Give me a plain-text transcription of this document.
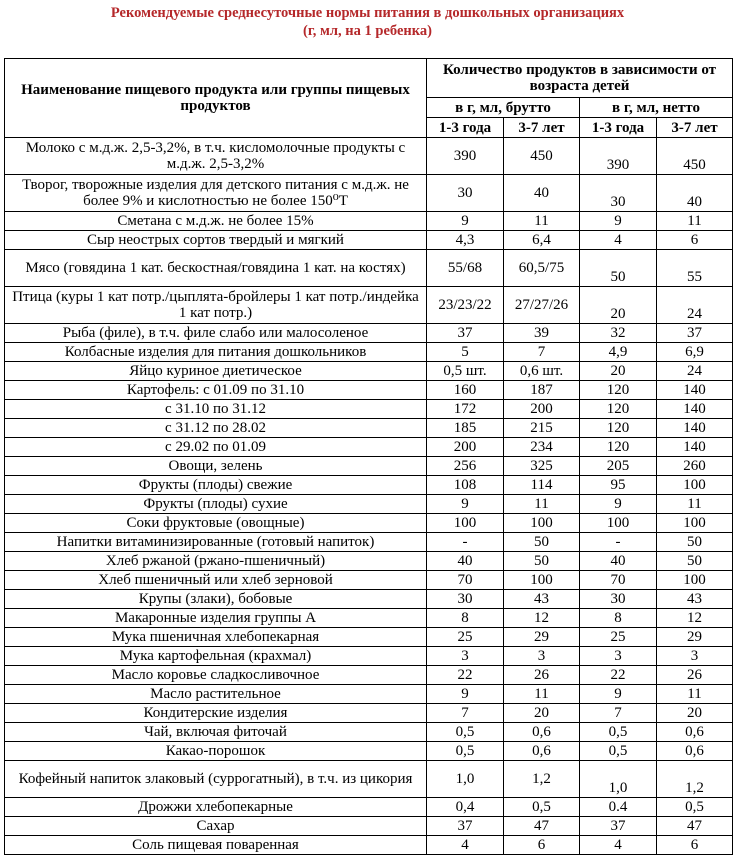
Рекомендуемые среднесуточные нормы питания в дошкольных организациях
(г, мл, на 1 ребенка)
Наименование пищевого продукта или группы пищевых продуктов	Количество продуктов в зависимости от возраста детей			
	в г, мл, брутто		в г, мл, нетто	
	1-3 года	3-7 лет	1-3 года	3-7 лет
Молоко с м.д.ж. 2,5-3,2%, в т.ч. кисломолочные продукты с м.д.ж. 2,5-3,2%	390	450	390	450
Творог, творожные изделия для детского питания с м.д.ж. не более 9% и кислотностью не более 150⁰Т	30	40	30	40
Сметана с м.д.ж. не более 15%	9	11	9	11
Сыр неострых сортов твердый и мягкий	4,3	6,4	4	6
Мясо (говядина 1 кат. бескостная/говядина 1 кат. на костях)	55/68	60,5/75	50	55
Птица (куры 1 кат потр./цыплята-бройлеры 1 кат потр./индейка 1 кат потр.)	23/23/22	27/27/26	20	24
Рыба (филе), в т.ч. филе слабо или малосоленое	37	39	32	37
Колбасные изделия для питания дошкольников	5	7	4,9	6,9
Яйцо куриное диетическое	0,5 шт.	0,6 шт.	20	24
Картофель: с 01.09 по 31.10	160	187	120	140
с 31.10 по 31.12	172	200	120	140
с 31.12 по 28.02	185	215	120	140
с 29.02 по 01.09	200	234	120	140
Овощи, зелень	256	325	205	260
Фрукты (плоды) свежие	108	114	95	100
Фрукты (плоды) сухие	9	11	9	11
Соки фруктовые (овощные)	100	100	100	100
Напитки витаминизированные (готовый напиток)	-	50	-	50
Хлеб ржаной (ржано-пшеничный)	40	50	40	50
Хлеб пшеничный или хлеб зерновой	70	100	70	100
Крупы (злаки), бобовые	30	43	30	43
Макаронные изделия группы А	8	12	8	12
Мука пшеничная хлебопекарная	25	29	25	29
Мука картофельная (крахмал)	3	3	3	3
Масло коровье сладкосливочное	22	26	22	26
Масло растительное	9	11	9	11
Кондитерские изделия	7	20	7	20
Чай, включая фиточай	0,5	0,6	0,5	0,6
Какао-порошок	0,5	0,6	0,5	0,6
Кофейный напиток злаковый (суррогатный), в т.ч. из цикория	1,0	1,2	1,0	1,2
Дрожжи хлебопекарные	0,4	0,5	0.4	0,5
Сахар	37	47	37	47
Соль пищевая поваренная	4	6	4	6
